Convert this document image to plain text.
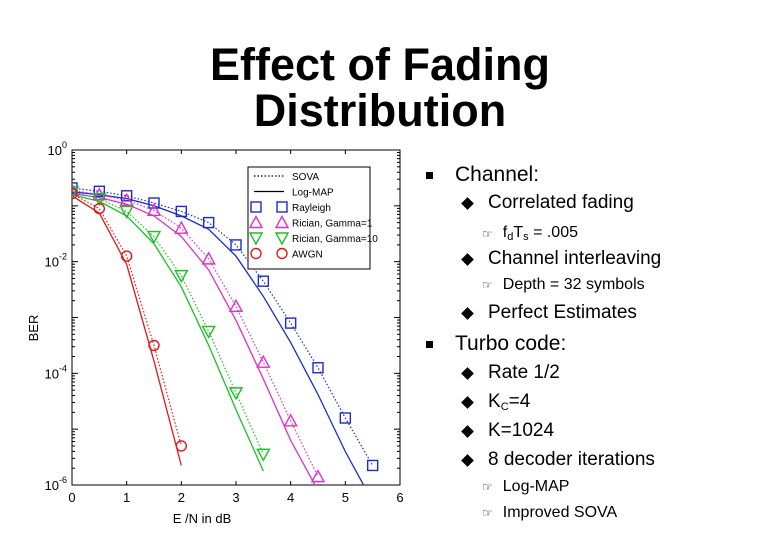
Effect of Fading
Distribution
$10^0$
$10^{-2}$
$10^{-4}$
$10^{-6}$
0	1	2	3	4	5	6
SOVA
Log-MAP
Rayleigh
Rician, Gamma=1
Rician, Gamma=10
AWGN
E /N in dB
BER
Channel:
Correlated fading
☞ $f_dT_s = .005$
Channel interleaving
☞ Depth = 32 symbols
Perfect Estimates
Turbo code:
Rate 1/2
$K_C=4$
K=1024
8 decoder iterations
☞ Log-MAP
☞ Improved SOVA
